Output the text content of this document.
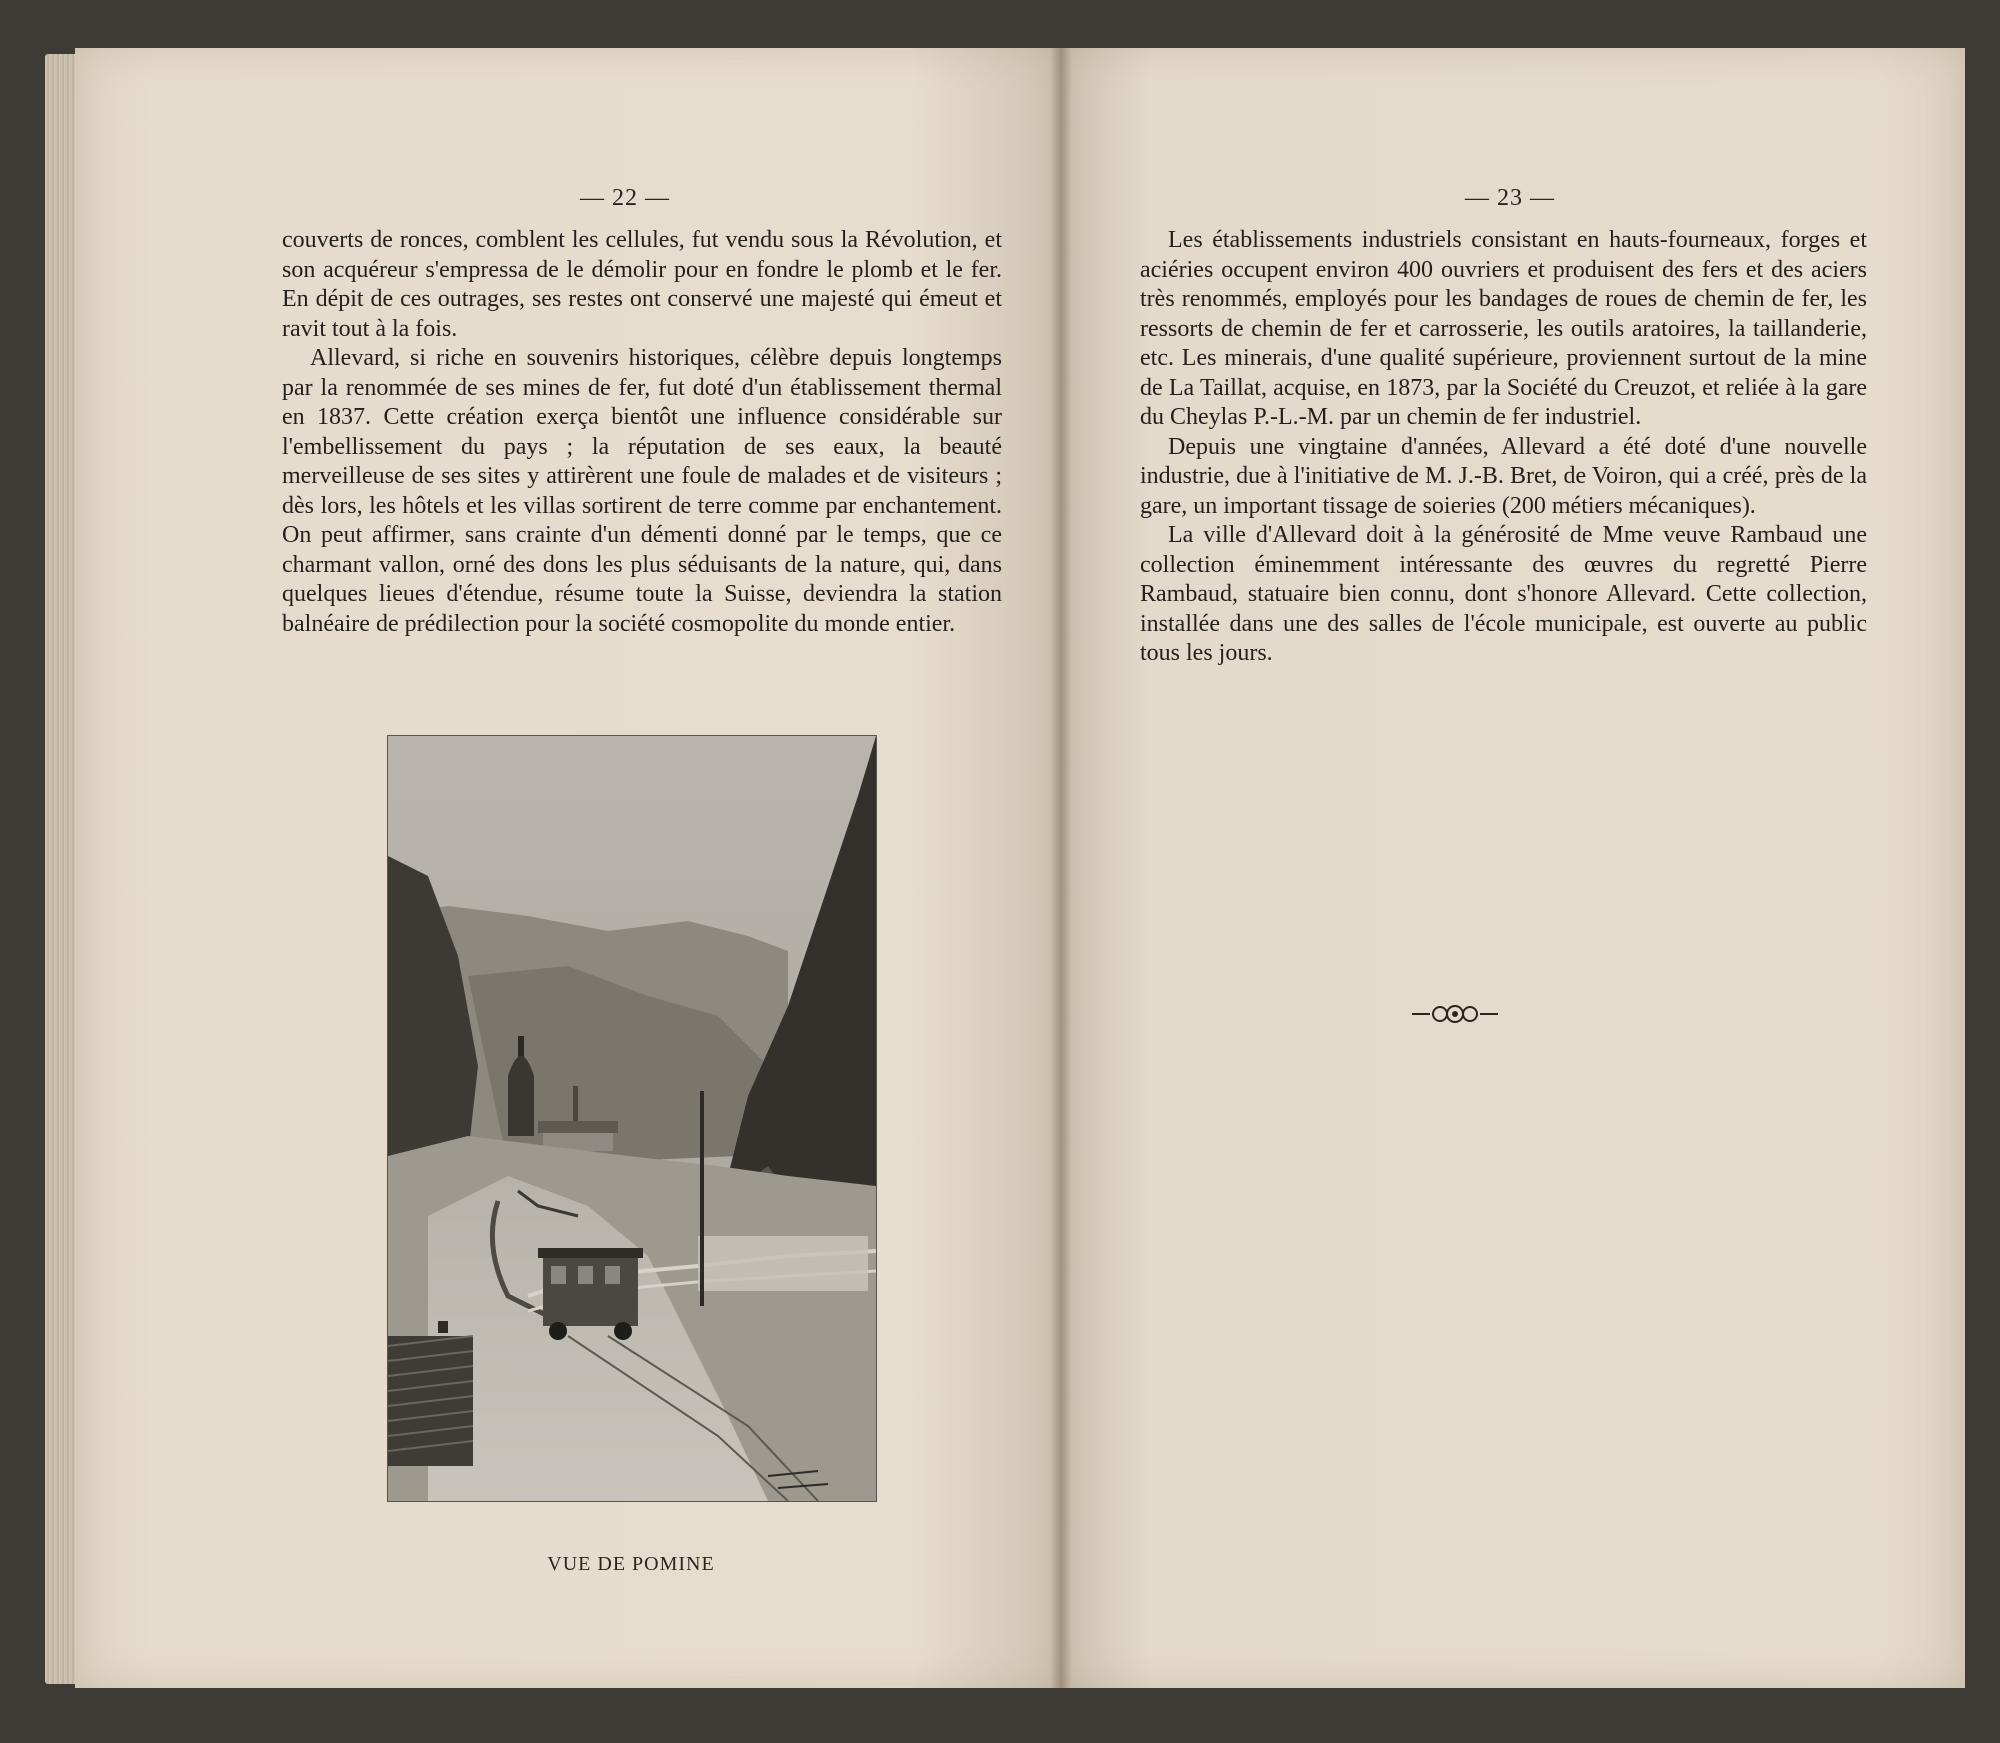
— 22 —

couverts de ronces, comblent les cellules, fut vendu sous la Révolution, et son acquéreur s'empressa de le démolir pour en fondre le plomb et le fer. En dépit de ces outrages, ses restes ont conservé une majesté qui émeut et ravit tout à la fois.

Allevard, si riche en souvenirs historiques, célèbre depuis longtemps par la renommée de ses mines de fer, fut doté d'un établissement thermal en 1837. Cette création exerça bientôt une influence considérable sur l'embellissement du pays ; la réputation de ses eaux, la beauté merveilleuse de ses sites y attirèrent une foule de malades et de visiteurs ; dès lors, les hôtels et les villas sortirent de terre comme par enchantement. On peut affirmer, sans crainte d'un démenti donné par le temps, que ce charmant vallon, orné des dons les plus séduisants de la nature, qui, dans quelques lieues d'étendue, résume toute la Suisse, deviendra la station balnéaire de prédilection pour la société cosmopolite du monde entier.

VUE DE POMINE
— 23 —

Les établissements industriels consistant en hauts-fourneaux, forges et aciéries occupent environ 400 ouvriers et produisent des fers et des aciers très renommés, employés pour les bandages de roues de chemin de fer, les ressorts de chemin de fer et carrosserie, les outils aratoires, la taillanderie, etc. Les minerais, d'une qualité supérieure, proviennent surtout de la mine de La Taillat, acquise, en 1873, par la Société du Creuzot, et reliée à la gare du Cheylas P.-L.-M. par un chemin de fer industriel.

Depuis une vingtaine d'années, Allevard a été doté d'une nouvelle industrie, due à l'initiative de M. J.-B. Bret, de Voiron, qui a créé, près de la gare, un important tissage de soieries (200 métiers mécaniques).

La ville d'Allevard doit à la générosité de Mme veuve Rambaud une collection éminemment intéressante des œuvres du regretté Pierre Rambaud, statuaire bien connu, dont s'honore Allevard. Cette collection, installée dans une des salles de l'école municipale, est ouverte au public tous les jours.
